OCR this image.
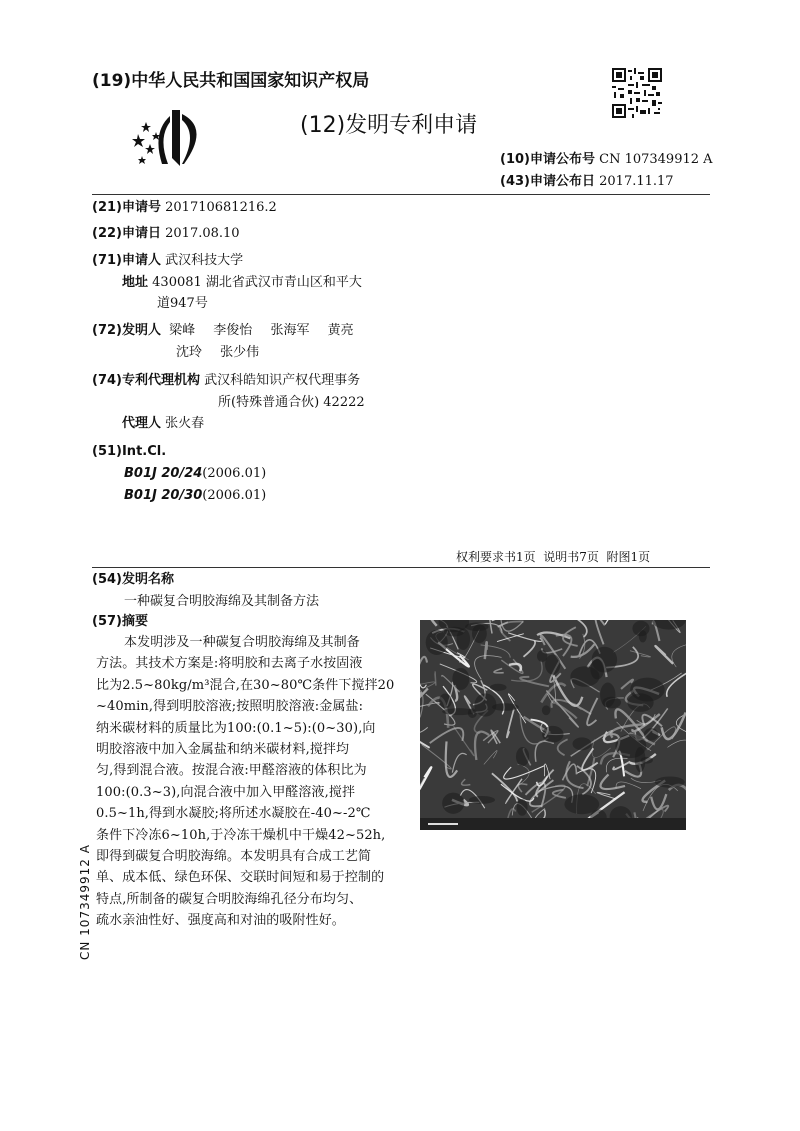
(19)中华人民共和国国家知识产权局
(12)发明专利申请
(10)申请公布号 CN 107349912 A
(43)申请公布日 2017.11.17
(21)申请号 201710681216.2
(22)申请日 2017.08.10
(71)申请人 武汉科技大学
地址 430081 湖北省武汉市青山区和平大
道947号
(72)发明人 梁峰 李俊怡 张海军 黄亮
沈玲 张少伟
(74)专利代理机构 武汉科皓知识产权代理事务
所(特殊普通合伙) 42222
代理人 张火春
(51)Int.Cl.
B01J 20/24(2006.01)
B01J 20/30(2006.01)
权利要求书1页  说明书7页  附图1页
(54)发明名称
一种碳复合明胶海绵及其制备方法
(57)摘要
本发明涉及一种碳复合明胶海绵及其制备
方法。其技术方案是:将明胶和去离子水按固液
比为2.5~80kg/m³混合,在30~80℃条件下搅拌20
~40min,得到明胶溶液;按照明胶溶液:金属盐:
纳米碳材料的质量比为100:(0.1~5):(0~30),向
明胶溶液中加入金属盐和纳米碳材料,搅拌均
匀,得到混合液。按混合液:甲醛溶液的体积比为
100:(0.3~3),向混合液中加入甲醛溶液,搅拌
0.5~1h,得到水凝胶;将所述水凝胶在-40~-2℃
条件下冷冻6~10h,于冷冻干燥机中干燥42~52h,
即得到碳复合明胶海绵。本发明具有合成工艺简
单、成本低、绿色环保、交联时间短和易于控制的
特点,所制备的碳复合明胶海绵孔径分布均匀、
疏水亲油性好、强度高和对油的吸附性好。
CN 107349912 A
